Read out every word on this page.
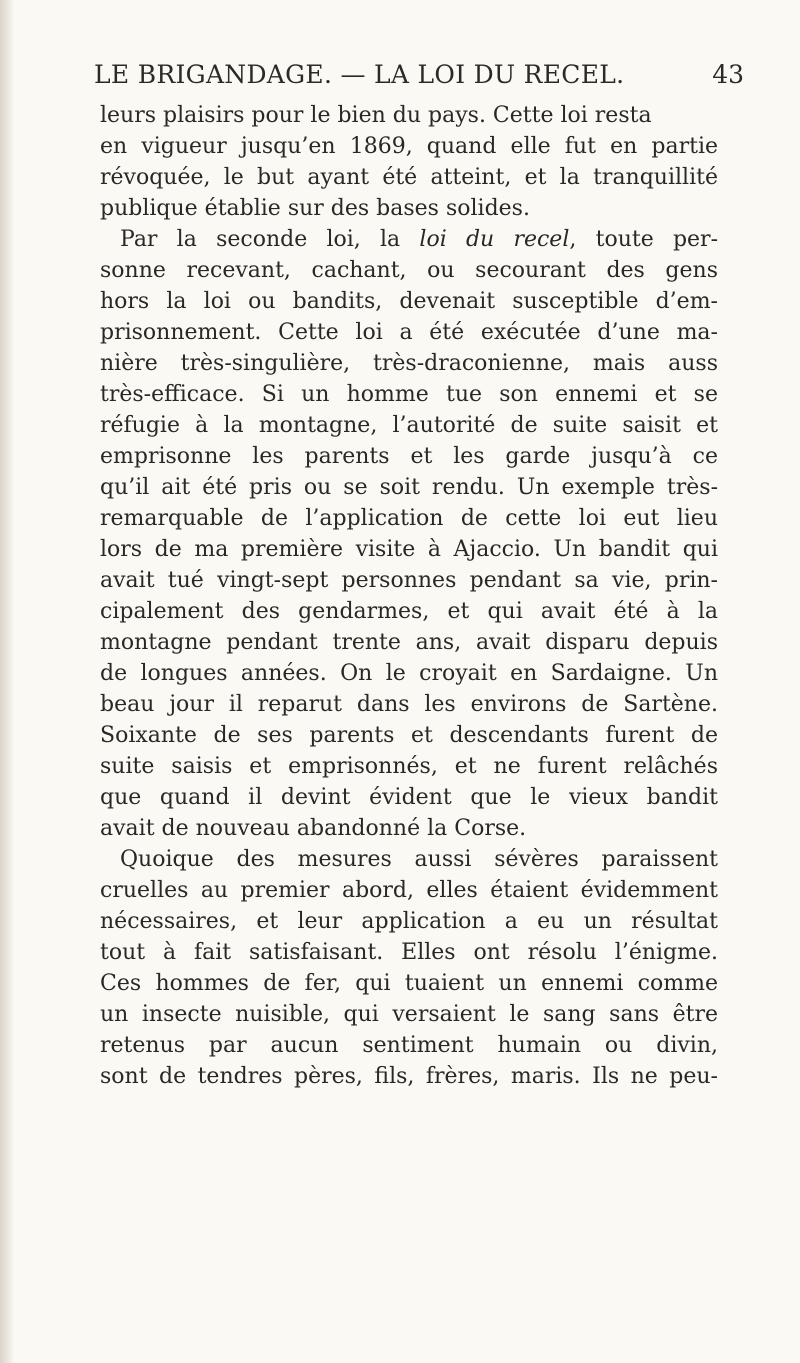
LE BRIGANDAGE. — LA LOI DU RECEL.	43
leurs plaisirs pour le bien du pays. Cette loi resta
en vigueur jusqu’en 1869, quand elle fut en partie
révoquée, le but ayant été atteint, et la tranquillité
publique établie sur des bases solides.
Par la seconde loi, la loi du recel, toute per-
sonne recevant, cachant, ou secourant des gens
hors la loi ou bandits, devenait susceptible d’em-
prisonnement. Cette loi a été exécutée d’une ma-
nière très-singulière, très-draconienne, mais auss
très-efficace. Si un homme tue son ennemi et se
réfugie à la montagne, l’autorité de suite saisit et
emprisonne les parents et les garde jusqu’à ce
qu’il ait été pris ou se soit rendu. Un exemple très-
remarquable de l’application de cette loi eut lieu
lors de ma première visite à Ajaccio. Un bandit qui
avait tué vingt-sept personnes pendant sa vie, prin-
cipalement des gendarmes, et qui avait été à la
montagne pendant trente ans, avait disparu depuis
de longues années. On le croyait en Sardaigne. Un
beau jour il reparut dans les environs de Sartène.
Soixante de ses parents et descendants furent de
suite saisis et emprisonnés, et ne furent relâchés
que quand il devint évident que le vieux bandit
avait de nouveau abandonné la Corse.
Quoique des mesures aussi sévères paraissent
cruelles au premier abord, elles étaient évidemment
nécessaires, et leur application a eu un résultat
tout à fait satisfaisant. Elles ont résolu l’énigme.
Ces hommes de fer, qui tuaient un ennemi comme
un insecte nuisible, qui versaient le sang sans être
retenus par aucun sentiment humain ou divin,
sont de tendres pères, fils, frères, maris. Ils ne peu-
